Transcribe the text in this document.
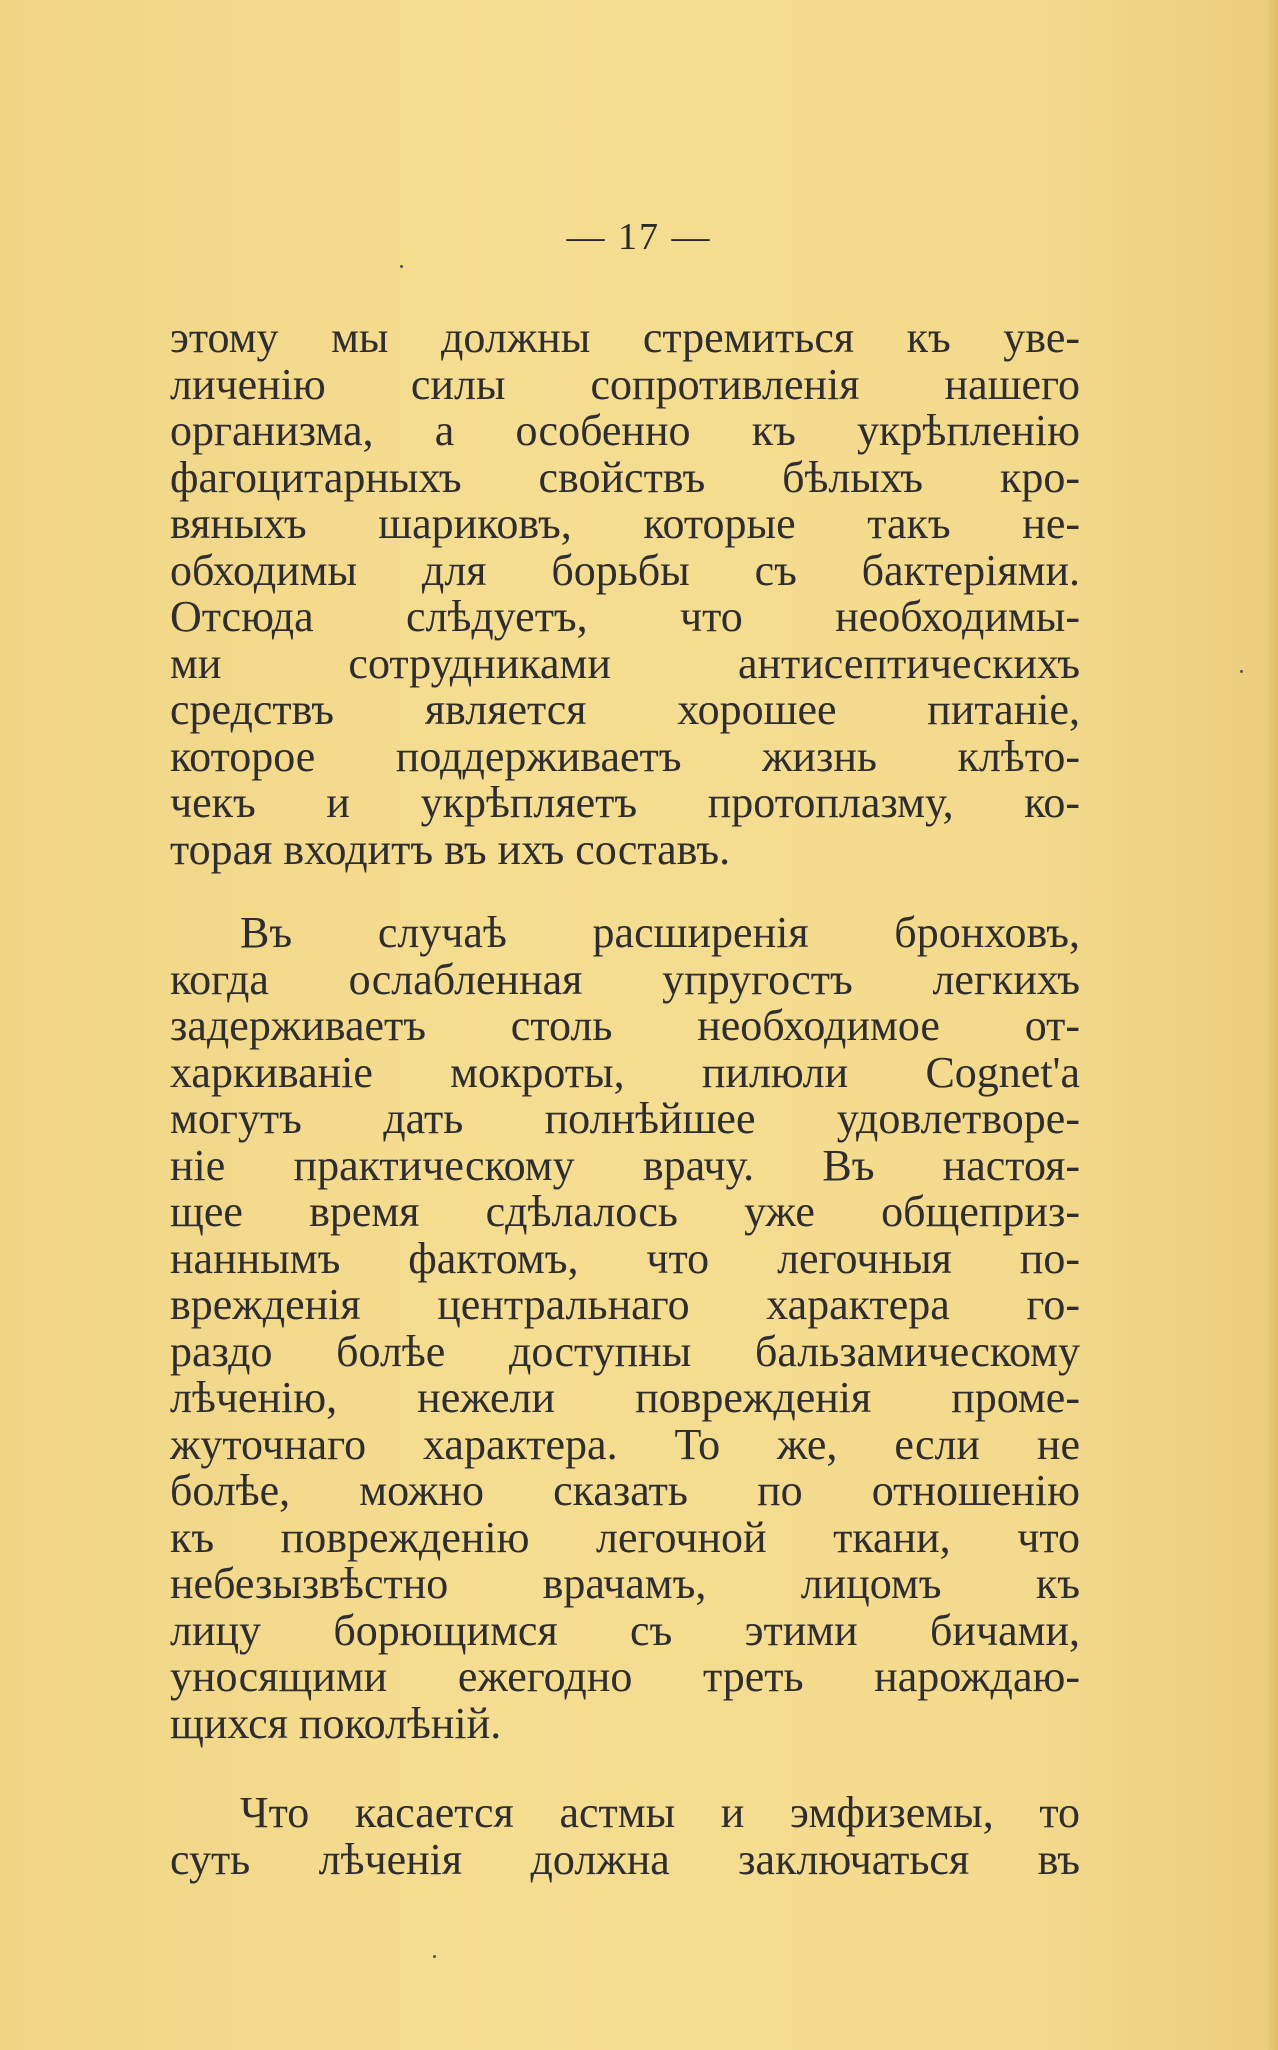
— 17 —
этому мы должны стремиться къ уве-
личенію силы сопротивленія нашего
организма, а особенно къ укрѣпленію
фагоцитарныхъ свойствъ бѣлыхъ кро-
вяныхъ шариковъ, которые такъ не-
обходимы для борьбы съ бактеріями.
Отсюда слѣдуетъ, что необходимы-
ми сотрудниками антисептическихъ
средствъ является хорошее питаніе,
которое поддерживаетъ жизнь клѣто-
чекъ и укрѣпляетъ протоплазму, ко-
торая входитъ въ ихъ составъ.
Въ случаѣ расширенія бронховъ,
когда ослабленная упругостъ легкихъ
задерживаетъ столь необходимое от-
харкиваніе мокроты, пилюли Cognet'a
могутъ дать полнѣйшее удовлетворе-
ніе практическому врачу. Въ настоя-
щее время сдѣлалось уже общеприз-
наннымъ фактомъ, что легочныя по-
врежденія центральнаго характера го-
раздо болѣе доступны бальзамическому
лѣченію, нежели поврежденія проме-
жуточнаго характера. То же, если не
болѣе, можно сказать по отношенію
къ поврежденію легочной ткани, что
небезызвѣстно врачамъ, лицомъ къ
лицу борющимся съ этими бичами,
уносящими ежегодно треть нарождаю-
щихся поколѣній.
Что касается астмы и эмфиземы, то
суть лѣченія должна заключаться въ
